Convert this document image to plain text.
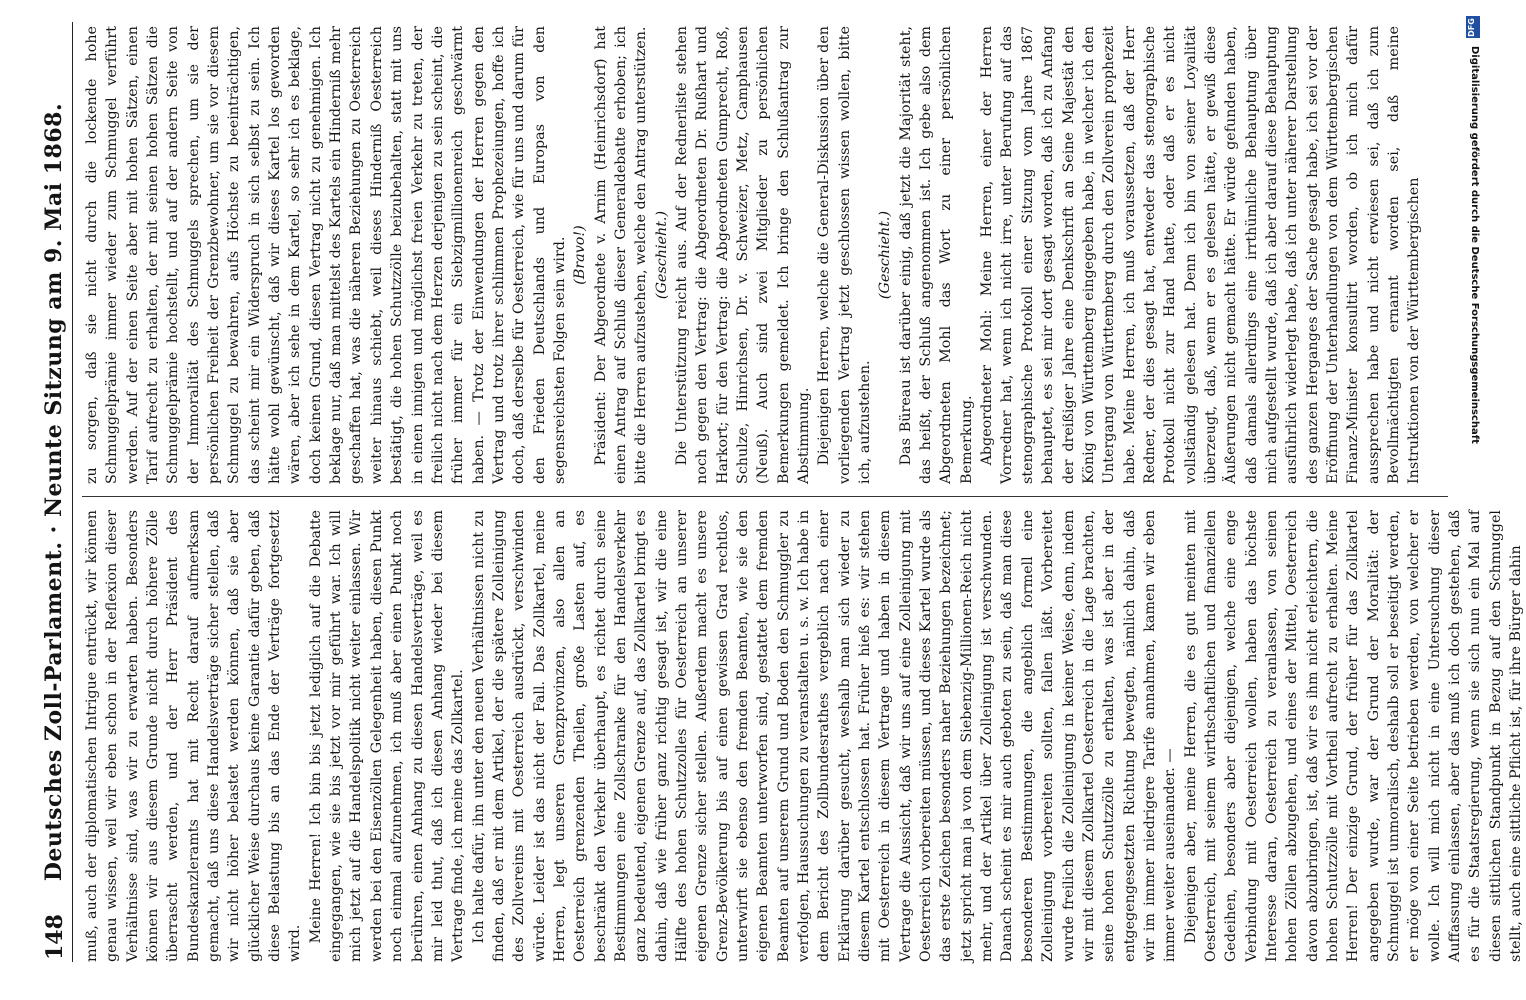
148
Deutsches Zoll-Parlament. · Neunte Sitzung am 9. Mai 1868. muß, auch der diplomatischen Intrigue entrückt, wir können genau wissen, weil wir eben schon in der Reflexion dieser Verhältnisse sind, was wir zu erwarten haben. Besonders können wir aus diesem Grunde nicht durch höhere Zölle überrascht werden, und der Herr Präsident des Bundeskanzleramts hat mit Recht darauf aufmerksam gemacht, daß uns diese Handelsverträge sicher stellen, daß wir nicht höher belastet werden können, daß sie aber glücklicher Weise durchaus keine Garantie dafür geben, daß diese Belastung bis an das Ende der Verträge fortgesetzt wird. Meine Herren! Ich bin bis jetzt lediglich auf die Debatte eingegangen, wie sie bis jetzt vor mir geführt war. Ich will mich jetzt auf die Handelspolitik nicht weiter einlassen. Wir werden bei den Eisenzöllen Gelegenheit haben, diesen Punkt noch einmal aufzunehmen, ich muß aber einen Punkt noch berühren, einen Anhang zu diesen Handelsverträge, weil es mir leid thut, daß ich diesen Anhang wieder bei diesem Vertrage finde, ich meine das Zollkartel. Ich halte dafür, ihn unter den neuen Verhältnissen nicht zu finden, daß er mit dem Artikel, der die spätere Zolleinigung des Zollvereins mit Oesterreich ausdrückt, verschwinden würde. Leider ist das nicht der Fall. Das Zollkartel, meine Herren, legt unseren Grenzprovinzen, also allen an Oesterreich grenzenden Theilen, große Lasten auf, es beschränkt den Verkehr überhaupt, es richtet durch seine Bestimmungen eine Zollschranke für den Handelsverkehr ganz bedeutend, eigenen Grenze auf, das Zollkartel bringt es dahin, daß wie früher ganz richtig gesagt ist, wir die eine Hälfte des hohen Schutzzolles für Oesterreich an unserer eigenen Grenze sicher stellen. Außerdem macht es unsere Grenz-Bevölkerung bis auf einen gewissen Grad rechtlos, unterwirft sie ebenso den fremden Beamten, wie sie den eigenen Beamten unterworfen sind, gestattet dem fremden Beamten auf unserem Grund und Boden den Schmuggler zu verfolgen, Haussuchungen zu veranstalten u. s. w. Ich habe in dem Bericht des Zollbundesrathes vergeblich nach einer Erklärung darüber gesucht, weshalb man sich wieder zu diesem Kartel entschlossen hat. Früher hieß es: wir stehen mit Oesterreich in diesem Vertrage und haben in diesem Vertrage die Aussicht, daß wir uns auf eine Zolleinigung mit Oesterreich vorbereiten müssen, und dieses Kartel wurde als das erste Zeichen besonders naher Beziehungen bezeichnet; jetzt spricht man ja von dem Siebenzig-Millionen-Reich nicht mehr, und der Artikel über Zolleinigung ist verschwunden. Danach scheint es mir auch geboten zu sein, daß man diese besonderen Bestimmungen, die angeblich formell eine Zolleinigung vorbereiten sollten, fallen läßt. Vorbereitet wurde freilich die Zolleinigung in keiner Weise, denn, indem wir mit diesem Zollkartel Oesterreich in die Lage brachten, seine hohen Schutzzölle zu erhalten, was ist aber in der entgegengesetzten Richtung bewegten, nämlich dahin, daß wir im immer niedrigere Tarife annahmen, kamen wir eben immer weiter auseinander. — Diejenigen aber, meine Herren, die es gut meinten mit Oesterreich, mit seinem wirthschaftlichen und finanziellen Gedeihen, besonders aber diejenigen, welche eine enge Verbindung mit Oesterreich wollen, haben das höchste Interesse daran, Oesterreich zu veranlassen, von seinen hohen Zöllen abzugehen, und eines der Mittel, Oesterreich davon abzubringen, ist, daß wir es ihm nicht erleichtern, die hohen Schutzzölle mit Vortheil aufrecht zu erhalten. Meine Herren! Der einzige Grund, der früher für das Zollkartel angegeben wurde, war der Grund der Moralität: der Schmuggel ist unmoralisch, deshalb soll er beseitigt werden, er möge von einer Seite betrieben werden, von welcher er wolle. Ich will mich nicht in eine Untersuchung dieser Auffassung einlassen, aber das muß ich doch gestehen, daß es für die Staatsregierung, wenn sie sich nun ein Mal auf diesen sittlichen Standpunkt in Bezug auf den Schmuggel stellt, auch eine sittliche Pflicht ist, für ihre Bürger dahin

zu sorgen, daß sie nicht durch die lockende hohe Schmuggelprämie immer wieder zum Schmuggel verführt werden. Auf der einen Seite aber mit hohen Sätzen, einen Tarif aufrecht zu erhalten, der mit seinen hohen Sätzen die Schmuggelprämie hochstellt, und auf der andern Seite von der Immoralität des Schmuggels sprechen, um sie der persönlichen Freiheit der Grenzbewohner, um sie vor diesem Schmuggel zu bewahren, aufs Höchste zu beeinträchtigen, das scheint mir ein Widerspruch in sich selbst zu sein. Ich hätte wohl gewünscht, daß wir dieses Kartel los geworden wären, aber ich sehe in dem Kartel, so sehr ich es beklage, doch keinen Grund, diesen Vertrag nicht zu genehmigen. Ich beklage nur, daß man mittelst des Kartels ein Hinderniß mehr geschaffen hat, was die näheren Beziehungen zu Oesterreich weiter hinaus schiebt, weil dieses Hinderniß Oesterreich bestätigt, die hohen Schutzzölle beizubehalten, statt mit uns in einen innigen und möglichst freien Verkehr zu treten, der freilich nicht nach dem Herzen derjenigen zu sein scheint, die früher immer für ein Siebzigmillionenreich geschwärmt haben. — Trotz der Einwendungen der Herren gegen den Vertrag und trotz ihrer schlimmen Prophezeiungen, hoffe ich doch, daß derselbe für Oesterreich, wie für uns und darum für den Frieden Deutschlands und Europas von den segensreichsten Folgen sein wird. (Bravo!) Präsident: Der Abgeordnete v. Arnim (Heinrichsdorf) hat einen Antrag auf Schluß dieser Generaldebatte erhoben; ich bitte die Herren aufzustehen, welche den Antrag unterstützen. (Geschieht.) Die Unterstützung reicht aus. Auf der Rednerliste stehen noch gegen den Vertrag: die Abgeordneten Dr. Rußhart und Harkort; für den Vertrag: die Abgeordneten Gumprecht, Roß, Schulze, Hinrichsen, Dr. v. Schweizer, Metz, Camphausen (Neuß). Auch sind zwei Mitglieder zu persönlichen Bemerkungen gemeldet. Ich bringe den Schlußantrag zur Abstimmung. Diejenigen Herren, welche die General-Diskussion über den vorliegenden Vertrag jetzt geschlossen wissen wollen, bitte ich, aufzustehen.

(Geschieht.) Das Büreau ist darüber einig, daß jetzt die Majorität steht, das heißt, der Schluß angenommen ist. Ich gebe also dem Abgeordneten Mohl das Wort zu einer persönlichen Bemerkung. Abgeordneter Mohl: Meine Herren, einer der Herren Vorredner hat, wenn ich nicht irre, unter Berufung auf das stenographische Protokoll einer Sitzung vom Jahre 1867 behauptet, es sei mir dort gesagt worden, daß ich zu Anfang der dreißiger Jahre eine Denkschrift an Seine Majestät den König von Württemberg eingegeben habe, in welcher ich den Untergang von Württemberg durch den Zollverein prophezeit habe. Meine Herren, ich muß voraussetzen, daß der Herr Redner, der dies gesagt hat, entweder das stenographische Protokoll nicht zur Hand hatte, oder daß er es nicht vollständig gelesen hat. Denn ich bin von seiner Loyalität überzeugt, daß, wenn er es gelesen hätte, er gewiß diese Äußerungen nicht gemacht hätte. Er würde gefunden haben, daß damals allerdings eine irrthümliche Behauptung über mich aufgestellt wurde, daß ich aber darauf diese Behauptung ausführlich widerlegt habe, daß ich unter näherer Darstellung des ganzen Herganges der Sache gesagt habe, ich sei vor der Eröffnung der Unterhandlungen von dem Württembergischen Finanz-Minister konsultirt worden, ob ich mich dafür aussprechen habe und nicht erwiesen sei, daß ich zum Bevollmächtigten ernannt worden sei, daß meine Instruktionen von der Württembergischen

DFG
Digitalisierung gefördert durch die Deutsche Forschungsgemeinschaft
